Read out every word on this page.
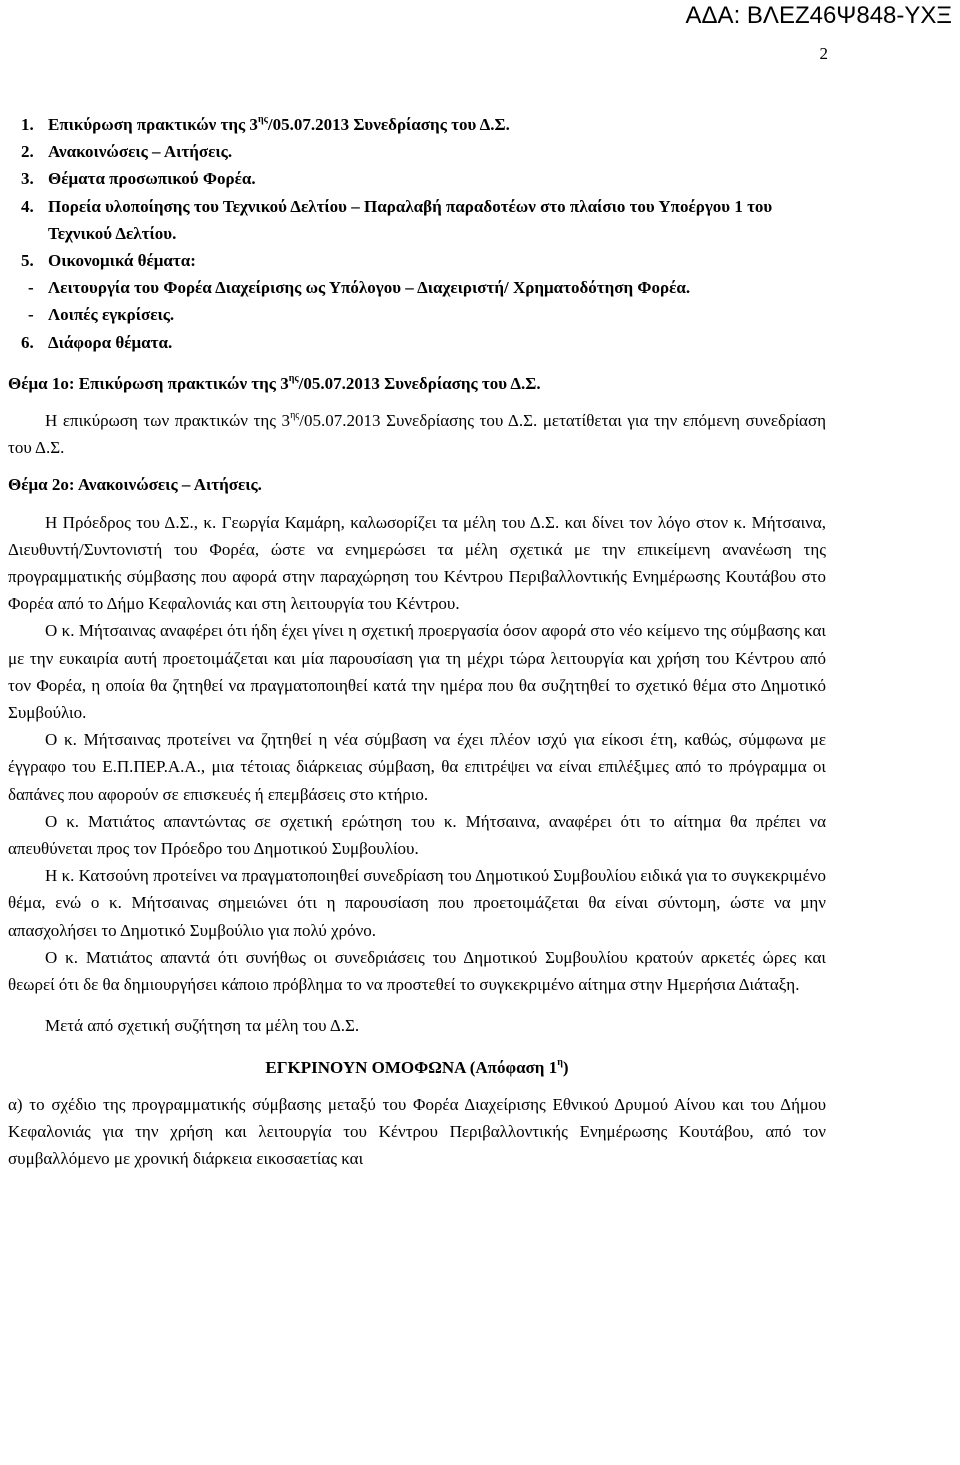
ΑΔΑ: ΒΛΕΖ46Ψ848-ΥΧΞ
2
1. Επικύρωση πρακτικών της $3^{\eta\varsigma}/05.07.2013$ Συνεδρίασης του Δ.Σ.
2. Ανακοινώσεις – Αιτήσεις.
3. Θέματα προσωπικού Φορέα.
4. Πορεία υλοποίησης του Τεχνικού Δελτίου – Παραλαβή παραδοτέων στο πλαίσιο του Υποέργου 1 του Τεχνικού Δελτίου.
5. Οικονομικά θέματα:
- Λειτουργία του Φορέα Διαχείρισης ως Υπόλογου – Διαχειριστή/ Χρηματοδότηση Φορέα.
- Λοιπές εγκρίσεις.
6. Διάφορα θέματα.

Θέμα 1ο: Επικύρωση πρακτικών της $3^{\eta\varsigma}/05.07.2013$ Συνεδρίασης του Δ.Σ.

Η επικύρωση των πρακτικών της $3^{\eta\varsigma}/05.07.2013$ Συνεδρίασης του Δ.Σ. μετατίθεται για την επόμενη συνεδρίαση του Δ.Σ.

Θέμα 2ο: Ανακοινώσεις – Αιτήσεις.

Η Πρόεδρος του Δ.Σ., κ. Γεωργία Καμάρη, καλωσορίζει τα μέλη του Δ.Σ. και δίνει τον λόγο στον κ. Μήτσαινα, Διευθυντή/Συντονιστή του Φορέα, ώστε να ενημερώσει τα μέλη σχετικά με την επικείμενη ανανέωση της προγραμματικής σύμβασης που αφορά στην παραχώρηση του Κέντρου Περιβαλλοντικής Ενημέρωσης Κουτάβου στο Φορέα από το Δήμο Κεφαλονιάς και στη λειτουργία του Κέντρου.

Ο κ. Μήτσαινας αναφέρει ότι ήδη έχει γίνει η σχετική προεργασία όσον αφορά στο νέο κείμενο της σύμβασης και με την ευκαιρία αυτή προετοιμάζεται και μία παρουσίαση για τη μέχρι τώρα λειτουργία και χρήση του Κέντρου από τον Φορέα, η οποία θα ζητηθεί να πραγματοποιηθεί κατά την ημέρα που θα συζητηθεί το σχετικό θέμα στο Δημοτικό Συμβούλιο.

Ο κ. Μήτσαινας προτείνει να ζητηθεί η νέα σύμβαση να έχει πλέον ισχύ για είκοσι έτη, καθώς, σύμφωνα με έγγραφο του Ε.Π.ΠΕΡ.Α.Α., μια τέτοιας διάρκειας σύμβαση, θα επιτρέψει να είναι επιλέξιμες από το πρόγραμμα οι δαπάνες που αφορούν σε επισκευές ή επεμβάσεις στο κτήριο.

Ο κ. Ματιάτος απαντώντας σε σχετική ερώτηση του κ. Μήτσαινα, αναφέρει ότι το αίτημα θα πρέπει να απευθύνεται προς τον Πρόεδρο του Δημοτικού Συμβουλίου.

Η κ. Κατσούνη προτείνει να πραγματοποιηθεί συνεδρίαση του Δημοτικού Συμβουλίου ειδικά για το συγκεκριμένο θέμα, ενώ ο κ. Μήτσαινας σημειώνει ότι η παρουσίαση που προετοιμάζεται θα είναι σύντομη, ώστε να μην απασχολήσει το Δημοτικό Συμβούλιο για πολύ χρόνο.

Ο κ. Ματιάτος απαντά ότι συνήθως οι συνεδριάσεις του Δημοτικού Συμβουλίου κρατούν αρκετές ώρες και θεωρεί ότι δε θα δημιουργήσει κάποιο πρόβλημα το να προστεθεί το συγκεκριμένο αίτημα στην Ημερήσια Διάταξη.

Μετά από σχετική συζήτηση τα μέλη του Δ.Σ.

ΕΓΚΡΙΝΟΥΝ ΟΜΟΦΩΝΑ (Απόφαση $1^\eta$)

α) το σχέδιο της προγραμματικής σύμβασης μεταξύ του Φορέα Διαχείρισης Εθνικού Δρυμού Αίνου και του Δήμου Κεφαλονιάς για την χρήση και λειτουργία του Κέντρου Περιβαλλοντικής Ενημέρωσης Κουτάβου, από τον συμβαλλόμενο με χρονική διάρκεια εικοσαετίας και
